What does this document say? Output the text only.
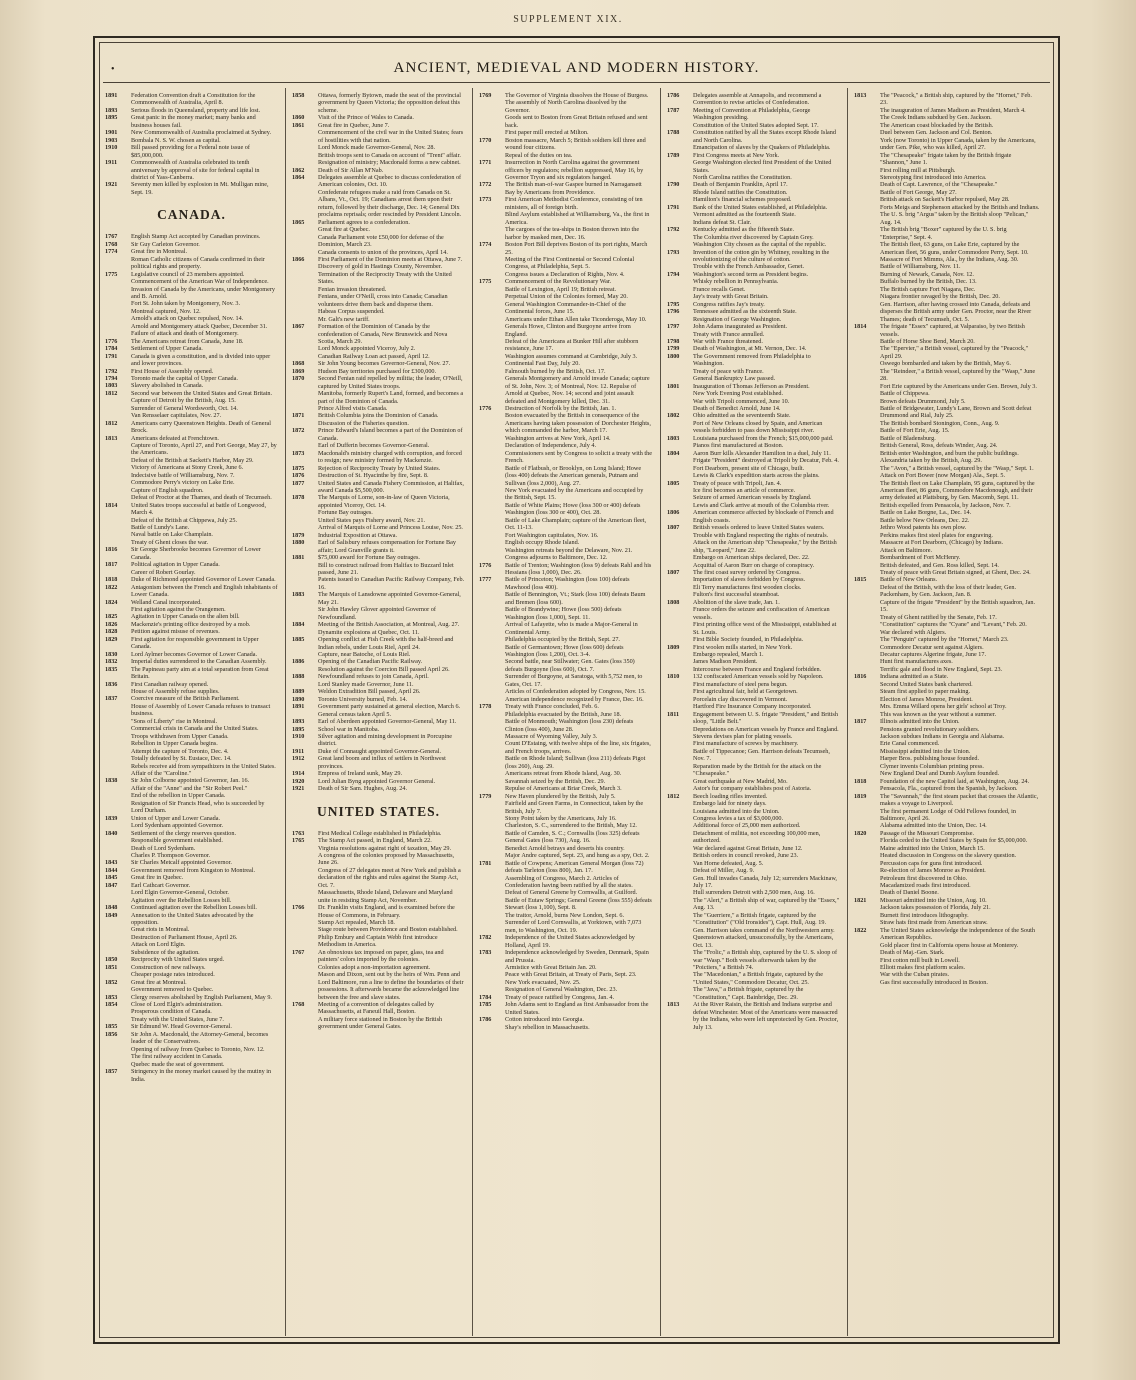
SUPPLEMENT XIX.
•	ANCIENT, MEDIEVAL AND MODERN HISTORY.
1891	Federation Convention draft a Constitution for the Commonwealth of Australia, April 8.
1893	Serious floods in Queensland, property and life lost.
1895	Great panic in the money market; many banks and business houses fail.
1901	New Commonwealth of Australia proclaimed at Sydney.
1903	Bombala N. S. W. chosen as capital.
1910	Bill passed providing for a Federal note issue of $85,000,000.
1911	Commonwealth of Australia celebrated its tenth anniversary by approval of site for federal capital in district of Yass-Canberra.
1921	Seventy men killed by explosion in Mt. Mulligan mine, Sept. 19.
CANADA.
1767	English Stamp Act accepted by Canadian provinces.
1768	Sir Guy Carleton Governor.
1774	Great fire in Montreal.
Roman Catholic citizens of Canada confirmed in their political rights and property.
1775	Legislative council of 23 members appointed.
Commencement of the American War of Independence.
Invasion of Canada by the Americans, under Montgomery and B. Arnold.
Fort St. John taken by Montgomery, Nov. 3.
Montreal captured, Nov. 12.
Arnold's attack on Quebec repulsed, Nov. 14.
Arnold and Montgomery attack Quebec, December 31.
Failure of attack and death of Montgomery.
1776	The Americans retreat from Canada, June 18.
1784	Settlement of Upper Canada.
1791	Canada is given a constitution, and is divided into upper and lower provinces.
1792	First House of Assembly opened.
1794	Toronto made the capital of Upper Canada.
1803	Slavery abolished in Canada.
1812	Second war between the United States and Great Britain.
Capture of Detroit by the British, Aug. 15.
Surrender of General Wordsworth, Oct. 14.
Van Rensselaer capitulates, Nov. 27.
1812	Americans carry Queenstown Heights. Death of General Brock.
1813	Americans defeated at Frenchtown.
Capture of Toronto, April 27, and Fort George, May 27, by the Americans.
Defeat of the British at Sackett's Harbor, May 29.
Victory of Americans at Stony Creek, June 6.
Indecisive battle of Williamsburg, Nov. 7.
Commodore Perry's victory on Lake Erie.
Capture of English squadron.
Defeat of Proctor at the Thames, and death of Tecumseh.
1814	United States troops successful at battle of Longwood, March 4.
Defeat of the British at Chippewa, July 25.
Battle of Lundy's Lane.
Naval battle on Lake Champlain.
Treaty of Ghent closes the war.
1816	Sir George Sherbrooke becomes Governor of Lower Canada.
1817	Political agitation in Upper Canada.
Career of Robert Gourlay.
1818	Duke of Richmond appointed Governor of Lower Canada.
1822	Antagonism between the French and English inhabitants of Lower Canada.
1824	Welland Canal incorporated.
First agitation against the Orangemen.
1825	Agitation in Upper Canada on the alien bill.
1826	Mackenzie's printing office destroyed by a mob.
1828	Petition against misuse of revenues.
1829	First agitation for responsible government in Upper Canada.
1830	Lord Aylmer becomes Governor of Lower Canada.
1832	Imperial duties surrendered to the Canadian Assembly.
1835	The Papineau party aim at a total separation from Great Britain.
1836	First Canadian railway opened.
House of Assembly refuse supplies.
1837	Coercive measure of the British Parliament.
House of Assembly of Lower Canada refuses to transact business.
"Sons of Liberty" rise in Montreal.
Commercial crisis in Canada and the United States.
Troops withdrawn from Upper Canada.
Rebellion in Upper Canada begins.
Attempt the capture of Toronto, Dec. 4.
Totally defeated by St. Eustace, Dec. 14.
Rebels receive aid from sympathizers in the United States.
Affair of the "Caroline."
1838	Sir John Colborne appointed Governor, Jan. 16.
Affair of the "Anne" and the "Sir Robert Peel."
End of the rebellion in Upper Canada.
Resignation of Sir Francis Head, who is succeeded by Lord Durham.
1839	Union of Upper and Lower Canada.
Lord Sydenham appointed Governor.
1840	Settlement of the clergy reserves question.
Responsible government established.
Death of Lord Sydenham.
Charles P. Thompson Governor.
1843	Sir Charles Metcalf appointed Governor.
1844	Government removed from Kingston to Montreal.
1845	Great fire in Quebec.
1847	Earl Cathcart Governor.
Lord Elgin Governor-General, October.
Agitation over the Rebellion Losses bill.
1848	Continued agitation over the Rebellion Losses bill.
1849	Annexation to the United States advocated by the opposition.
Great riots in Montreal.
Destruction of Parliament House, April 26.
Attack on Lord Elgin.
Subsidence of the agitation.
1850	Reciprocity with United States urged.
1851	Construction of new railways.
Cheaper postage rates introduced.
1852	Great fire at Montreal.
Government removed to Quebec.
1853	Clergy reserves abolished by English Parliament, May 9.
1854	Close of Lord Elgin's administration.
Prosperous condition of Canada.
Treaty with the United States, June 7.
1855	Sir Edmund W. Head Governor-General.
1856	Sir John A. Macdonald, the Attorney-General, becomes leader of the Conservatives.
Opening of railway from Quebec to Toronto, Nov. 12.
The first railway accident in Canada.
Quebec made the seat of government.
1857	Stringency in the money market caused by the mutiny in India.
1858	Ottawa, formerly Bytown, made the seat of the provincial government by Queen Victoria; the opposition defeat this scheme.
1860	Visit of the Prince of Wales to Canada.
1861	Great fire in Quebec, June 7.
Commencement of the civil war in the United States; fears of hostilities with that nation.
Lord Monck made Governor-General, Nov. 28.
British troops sent to Canada on account of "Trent" affair.
Resignation of ministry; Macdonald forms a new cabinet.
1862	Death of Sir Allan M'Nab.
1864	Delegates assemble at Quebec to discuss confederation of American colonies, Oct. 10.
Confederate refugees make a raid from Canada on St. Albans, Vt., Oct. 19; Canadians arrest them upon their return, followed by their discharge, Dec. 14; General Dix proclaims reprisals; order rescinded by President Lincoln.
1865	Parliament agrees to a confederation.
Great fire at Quebec.
Canada Parliament vote £50,000 for defense of the Dominion, March 23.
Canada consents to union of the provinces, April 14.
1866	First Parliament of the Dominion meets at Ottawa, June 7.
Discovery of gold in Hastings County, November.
Termination of the Reciprocity Treaty with the United States.
Fenian invasion threatened.
Fenians, under O'Neill, cross into Canada; Canadian volunteers drive them back and disperse them.
Habeas Corpus suspended.
Mr. Galt's new tariff.
1867	Formation of the Dominion of Canada by the confederation of Canada, New Brunswick and Nova Scotia, March 29.
Lord Monck appointed Viceroy, July 2.
Canadian Railway Loan act passed, April 12.
1868	Sir John Young becomes Governor-General, Nov. 27.
1869	Hudson Bay territories purchased for £300,000.
1870	Second Fenian raid repelled by militia; the leader, O'Neill, captured by United States troops.
Manitoba, formerly Rupert's Land, formed, and becomes a part of the Dominion of Canada.
Prince Alfred visits Canada.
1871	British Columbia joins the Dominion of Canada.
Discussion of the Fisheries question.
1872	Prince Edward's Island becomes a part of the Dominion of Canada.
Earl of Dufferin becomes Governor-General.
1873	Macdonald's ministry charged with corruption, and forced to resign; new ministry formed by Mackenzie.
1875	Rejection of Reciprocity Treaty by United States.
1876	Destruction of St. Hyacinthe by fire, Sept. 8.
1877	United States and Canada Fishery Commission, at Halifax, award Canada $5,500,000.
1878	The Marquis of Lorne, son-in-law of Queen Victoria, appointed Viceroy, Oct. 14.
Fortune Bay outrages.
United States pays Fishery award, Nov. 21.
Arrival of Marquis of Lorne and Princess Louise, Nov. 25.
1879	Industrial Exposition at Ottawa.
1880	Earl of Salisbury refuses compensation for Fortune Bay affair; Lord Granville grants it.
1881	$75,000 award for Fortune Bay outrages.
Bill to construct railroad from Halifax to Buzzard Inlet passed, June 21.
Patents issued to Canadian Pacific Railway Company, Feb. 16.
1883	The Marquis of Lansdowne appointed Governor-General, May 21.
Sir John Hawley Glover appointed Governor of Newfoundland.
1884	Meeting of the British Association, at Montreal, Aug. 27.
Dynamite explosions at Quebec, Oct. 11.
1885	Opening conflict at Fish Creek with the half-breed and Indian rebels, under Louis Riel, April 24.
Capture, near Batoche, of Louis Riel.
1886	Opening of the Canadian Pacific Railway.
Resolution against the Coercion Bill passed April 26.
1888	Newfoundland refuses to join Canada, April.
Lord Stanley made Governor, June 11.
1889	Weldon Extradition Bill passed, April 26.
1890	Toronto University burned, Feb. 14.
1891	Government party sustained at general election, March 6.
General census taken April 5.
1893	Earl of Aberdeen appointed Governor-General, May 11.
1895	School war in Manitoba.
1910	Silver agitation and mining development in Porcupine district.
1911	Duke of Connaught appointed Governor-General.
1912	Great land boom and influx of settlers in Northwest provinces.
1914	Empress of Ireland sunk, May 29.
1920	Lord Julian Byng appointed Governor General.
1921	Death of Sir Sam. Hughes, Aug. 24.
UNITED STATES.
1763	First Medical College established in Philadelphia.
1765	The Stamp Act passed, in England, March 22.
Virginia resolutions against right of taxation, May 29.
A congress of the colonies proposed by Massachusetts, June 26.
Congress of 27 delegates meet at New York and publish a declaration of the rights and rules against the Stamp Act, Oct. 7.
Massachusetts, Rhode Island, Delaware and Maryland unite in resisting Stamp Act, November.
1766	Dr. Franklin visits England, and is examined before the House of Commons, in February.
Stamp Act repealed, March 18.
Stage route between Providence and Boston established.
Philip Embury and Captain Webb first introduce Methodism in America.
1767	An obnoxious tax imposed on paper, glass, tea and painters' colors imported by the colonies.
Colonies adopt a non-importation agreement.
Mason and Dixon, sent out by the heirs of Wm. Penn and Lord Baltimore, run a line to define the boundaries of their possessions. It afterwards became the acknowledged line between the free and slave states.
1768	Meeting of a convention of delegates called by Massachusetts, at Faneuil Hall, Boston.
A military force stationed in Boston by the British government under General Gates.
1769	The Governor of Virginia dissolves the House of Burgess.
The assembly of North Carolina dissolved by the Governor.
Goods sent to Boston from Great Britain refused and sent back.
First paper mill erected at Milton.
1770	Boston massacre, March 5; British soldiers kill three and wound four citizens.
Repeal of the duties on tea.
1771	Insurrection in North Carolina against the government officers by regulators; rebellion suppressed, May 16, by Governor Tryon and six regulators hanged.
1772	The British man-of-war Gaspee burned in Narragansett Bay by Americans from Providence.
1773	First American Methodist Conference, consisting of ten ministers, all of foreign birth.
Blind Asylum established at Williamsburg, Va., the first in America.
The cargoes of the tea-ships in Boston thrown into the harbor by masked men, Dec. 16.
1774	Boston Port Bill deprives Boston of its port rights, March 25.
Meeting of the First Continental or Second Colonial Congress, at Philadelphia, Sept. 5.
Congress issues a Declaration of Rights, Nov. 4.
1775	Commencement of the Revolutionary War.
Battle of Lexington, April 19; British retreat.
Perpetual Union of the Colonies formed, May 20.
General Washington Commander-in-Chief of the Continental forces, June 15.
Americans under Ethan Allen take Ticonderoga, May 10.
Generals Howe, Clinton and Burgoyne arrive from England.
Defeat of the Americans at Bunker Hill after stubborn resistance, June 17.
Washington assumes command at Cambridge, July 3.
Continental Fast Day, July 20.
Falmouth burned by the British, Oct. 17.
Generals Montgomery and Arnold invade Canada; capture of St. John, Nov. 3; of Montreal, Nov. 12. Repulse of Arnold at Quebec, Nov. 14; second and joint assault defeated and Montgomery killed, Dec. 31.
1776	Destruction of Norfolk by the British, Jan. 1.
Boston evacuated by the British in consequence of the Americans having taken possession of Dorchester Heights, which commanded the harbor, March 17.
Washington arrives at New York, April 14.
Declaration of Independence, July 4.
Commissioners sent by Congress to solicit a treaty with the French.
Battle of Flatbush, or Brooklyn, on Long Island; Howe (loss 400) defeats the American generals, Putnam and Sullivan (loss 2,000), Aug. 27.
New York evacuated by the Americans and occupied by the British, Sept. 15.
Battle of White Plains; Howe (loss 300 or 400) defeats Washington (loss 300 or 400), Oct. 28.
Battle of Lake Champlain; capture of the American fleet, Oct. 11-13.
Fort Washington capitulates, Nov. 16.
English occupy Rhode Island.
Washington retreats beyond the Delaware, Nov. 21.
Congress adjourns to Baltimore, Dec. 12.
1776	Battle of Trenton; Washington (loss 9) defeats Rahl and his Hessians (loss 1,000), Dec. 26.
1777	Battle of Princeton; Washington (loss 100) defeats Mawhood (loss 400).
Battle of Bennington, Vt.; Stark (loss 100) defeats Baum and Bremen (loss 600).
Battle of Brandywine; Howe (loss 500) defeats Washington (loss 1,000), Sept. 11.
Arrival of Lafayette, who is made a Major-General in Continental Army.
Philadelphia occupied by the British, Sept. 27.
Battle of Germantown; Howe (loss 600) defeats Washington (loss 1,200), Oct. 3-4.
Second battle, near Stillwater; Gen. Gates (loss 350) defeats Burgoyne (loss 600), Oct. 7.
Surrender of Burgoyne, at Saratoga, with 5,752 men, to Gates, Oct. 17.
Articles of Confederation adopted by Congress, Nov. 15.
American independence recognized by France, Dec. 16.
1778	Treaty with France concluded, Feb. 6.
Philadelphia evacuated by the British, June 18.
Battle of Monmouth; Washington (loss 230) defeats Clinton (loss 400), June 28.
Massacre of Wyoming Valley, July 3.
Count D'Estaing, with twelve ships of the line, six frigates, and French troops, arrives.
Battle on Rhode Island; Sullivan (loss 211) defeats Pigot (loss 260), Aug. 29.
Americans retreat from Rhode Island, Aug. 30.
Savannah seized by the British, Dec. 29.
Repulse of Americans at Briar Creek, March 3.
1779	New Haven plundered by the British, July 5.
Fairfield and Green Farms, in Connecticut, taken by the British, July 7.
Stony Point taken by the Americans, July 16.
Charleston, S. C., surrendered to the British, May 12.
Battle of Camden, S. C.; Cornwallis (loss 325) defeats General Gates (loss 730), Aug. 16.
Benedict Arnold betrays and deserts his country.
Major Andre captured, Sept. 23, and hung as a spy, Oct. 2.
1781	Battle of Cowpens; American General Morgan (loss 72) defeats Tarleton (loss 800), Jan. 17.
Assembling of Congress, March 2. Articles of Confederation having been ratified by all the states.
Defeat of General Greene by Cornwallis, at Guilford.
Battle of Eutaw Springs; General Greene (loss 555) defeats Stewart (loss 1,100), Sept. 8.
The traitor, Arnold, burns New London, Sept. 6.
Surrender of Lord Cornwallis, at Yorktown, with 7,073 men, to Washington, Oct. 19.
1782	Independence of the United States acknowledged by Holland, April 19.
1783	Independence acknowledged by Sweden, Denmark, Spain and Prussia.
Armistice with Great Britain Jan. 20.
Peace with Great Britain, at Treaty of Paris, Sept. 23.
New York evacuated, Nov. 25.
Resignation of General Washington, Dec. 23.
1784	Treaty of peace ratified by Congress, Jan. 4.
1785	John Adams sent to England as first Ambassador from the United States.
1786	Cotton introduced into Georgia.
Shay's rebellion in Massachusetts.
1786	Delegates assemble at Annapolis, and recommend a Convention to revise articles of Confederation.
1787	Meeting of Convention at Philadelphia, George Washington presiding.
Constitution of the United States adopted Sept. 17.
1788	Constitution ratified by all the States except Rhode Island and North Carolina.
Emancipation of slaves by the Quakers of Philadelphia.
1789	First Congress meets at New York.
George Washington elected first President of the United States.
North Carolina ratifies the Constitution.
1790	Death of Benjamin Franklin, April 17.
Rhode Island ratifies the Constitution.
Hamilton's financial schemes proposed.
1791	Bank of the United States established, at Philadelphia.
Vermont admitted as the fourteenth State.
Indians defeat St. Clair.
1792	Kentucky admitted as the fifteenth State.
The Columbia river discovered by Captain Grey.
Washington City chosen as the capital of the republic.
1793	Invention of the cotton gin by Whitney, resulting in the revolutionizing of the culture of cotton.
Trouble with the French Ambassador, Genet.
1794	Washington's second term as President begins.
Whisky rebellion in Pennsylvania.
France recalls Genet.
Jay's treaty with Great Britain.
1795	Congress ratifies Jay's treaty.
1796	Tennessee admitted as the sixteenth State.
Resignation of George Washington.
1797	John Adams inaugurated as President.
Treaty with France annulled.
1798	War with France threatened.
1799	Death of Washington, at Mt. Vernon, Dec. 14.
1800	The Government removed from Philadelphia to Washington.
Treaty of peace with France.
General Bankruptcy Law passed.
1801	Inauguration of Thomas Jefferson as President.
New York Evening Post established.
War with Tripoli commenced, June 10.
Death of Benedict Arnold, June 14.
1802	Ohio admitted as the seventeenth State.
Port of New Orleans closed by Spain, and American vessels forbidden to pass down Mississippi river.
1803	Louisiana purchased from the French; $15,000,000 paid.
Pianos first manufactured at Boston.
1804	Aaron Burr kills Alexander Hamilton in a duel, July 11.
Frigate "President" destroyed at Tripoli by Decatur, Feb. 4.
Fort Dearborn, present site of Chicago, built.
Lewis & Clark's expedition starts across the plains.
1805	Treaty of peace with Tripoli, Jan. 4.
Ice first becomes an article of commerce.
Seizure of armed American vessels by England.
Lewis and Clark arrive at mouth of the Columbia river.
1806	American commerce affected by blockade of French and English coasts.
1807	British vessels ordered to leave United States waters.
Trouble with England respecting the rights of neutrals.
Attack on the American ship "Chesapeake," by the British ship, "Leopard," June 22.
Embargo on American ships declared, Dec. 22.
Acquittal of Aaron Burr on charge of conspiracy.
1807	The first coast survey ordered by Congress.
Importation of slaves forbidden by Congress.
Eli Terry manufactures first wooden clocks.
Fulton's first successful steamboat.
1808	Abolition of the slave trade, Jan. 1.
France orders the seizure and confiscation of American vessels.
First printing office west of the Mississippi, established at St. Louis.
First Bible Society founded, in Philadelphia.
1809	First woolen mills started, in New York.
Embargo repealed, March 1.
James Madison President.
Intercourse between France and England forbidden.
1810	132 confiscated American vessels sold by Napoleon.
First manufacture of steel pens begun.
First agricultural fair, held at Georgetown.
Porcelain clay discovered in Vermont.
Hartford Fire Insurance Company incorporated.
1811	Engagement between U. S. frigate "President," and British sloop, "Little Belt."
Depredations on American vessels by France and England.
Stevens devises plan for plating vessels.
First manufacture of screws by machinery.
Battle of Tippecanoe; Gen. Harrison defeats Tecumseh, Nov. 7.
Reparation made by the British for the attack on the "Chesapeake."
Great earthquake at New Madrid, Mo.
Astor's fur company establishes post of Astoria.
1812	Beech loading rifles invented.
Embargo laid for ninety days.
Louisiana admitted into the Union.
Congress levies a tax of $3,000,000.
Additional force of 25,000 men authorized.
Detachment of militia, not exceeding 100,000 men, authorized.
War declared against Great Britain, June 12.
British orders in council revoked, June 23.
Van Horne defeated, Aug. 5.
Defeat of Miller, Aug. 9.
Gen. Hull invades Canada, July 12; surrenders Mackinaw, July 17.
Hull surrenders Detroit with 2,500 men, Aug. 16.
The "Alert," a British ship of war, captured by the "Essex," Aug. 13.
The "Guerriere," a British frigate, captured by the "Constitution" ("Old Ironsides"), Capt. Hull, Aug. 19.
Gen. Harrison takes command of the Northwestern army.
Queenstown attacked, unsuccessfully, by the Americans, Oct. 13.
The "Frolic," a British ship, captured by the U. S. sloop of war "Wasp." Both vessels afterwards taken by the "Poictiers," a British 74.
The "Macedonian," a British frigate, captured by the "United States," Commodore Decatur, Oct. 25.
The "Java," a British frigate, captured by the "Constitution," Capt. Bainbridge, Dec. 29.
1813	At the River Raisin, the British and Indians surprise and defeat Winchester. Most of the Americans were massacred by the Indians, who were left unprotected by Gen. Proctor, July 13.
1813	The "Peacock," a British ship, captured by the "Hornet," Feb. 23.
The inauguration of James Madison as President, March 4.
The Creek Indians subdued by Gen. Jackson.
The American coast blockaded by the British.
Duel between Gen. Jackson and Col. Benton.
York (now Toronto) in Upper Canada, taken by the Americans, under Gen. Pike, who was killed, April 27.
The "Chesapeake" frigate taken by the British frigate "Shannon," June 1.
First rolling mill at Pittsburgh.
Stereotyping first introduced into America.
Death of Capt. Lawrence, of the "Chesapeake."
Battle of Fort George, May 27.
British attack on Sackett's Harbor repulsed, May 28.
Forts Meigs and Stephenson attacked by the British and Indians.
The U. S. brig "Argus" taken by the British sloop "Pelican," Aug. 14.
The British brig "Boxer" captured by the U. S. brig "Enterprise," Sept. 4.
The British fleet, 63 guns, on Lake Erie, captured by the American fleet, 56 guns, under Commodore Perry, Sept. 10.
Massacre of Fort Mimms, Ala., by the Indians, Aug. 30.
Battle of Williamsburg, Nov. 11.
Burning of Newark, Canada, Nov. 12.
Buffalo burned by the British, Dec. 13.
The British capture Fort Niagara, Dec.
Niagara frontier ravaged by the British, Dec. 20.
Gen. Harrison, after having crossed into Canada, defeats and disperses the British army under Gen. Proctor, near the River Thames; death of Tecumseh, Oct. 5.
1814	The frigate "Essex" captured, at Valparaiso, by two British vessels.
Battle of Horse Shoe Bend, March 20.
The "Epervier," a British vessel, captured by the "Peacock," April 29.
Oswego bombarded and taken by the British, May 6.
The "Reindeer," a British vessel, captured by the "Wasp," June 28.
Fort Erie captured by the Americans under Gen. Brown, July 3.
Battle of Chippewa.
Brown defeats Drummond, July 5.
Battle of Bridgewater, Lundy's Lane, Brown and Scott defeat Drummond and Rial, July 25.
The British bombard Stonington, Conn., Aug. 9.
Battle of Fort Erie, Aug. 15.
Battle of Bladensburg.
British General, Ross, defeats Winder, Aug. 24.
British enter Washington, and burn the public buildings.
Alexandria taken by the British, Aug. 29.
The "Avon," a British vessel, captured by the "Wasp," Sept. 1.
Attack on Fort Bower (now Morgan) Ala., Sept. 5.
The British fleet on Lake Champlain, 95 guns, captured by the American fleet, 86 guns, Commodore Macdonough, and their army defeated at Plattsburg, by Gen. Macomb, Sept. 11.
British expelled from Pensacola, by Jackson, Nov. 7.
Battle on Lake Borgne, La., Dec. 14.
Battle below New Orleans, Dec. 22.
Jethro Wood patents his own plow.
Perkins makes first steel plates for engraving.
Massacre at Fort Dearborn, (Chicago) by Indians.
Attack on Baltimore.
Bombardment of Fort McHenry.
British defeated, and Gen. Ross killed, Sept. 14.
Treaty of peace with Great Britain signed, at Ghent, Dec. 24.
1815	Battle of New Orleans.
Defeat of the British, with the loss of their leader, Gen. Packenham, by Gen. Jackson, Jan. 8.
Capture of the frigate "President" by the British squadron, Jan. 15.
Treaty of Ghent ratified by the Senate, Feb. 17.
"Constitution" captures the "Cyane" and "Levant," Feb. 20.
War declared with Algiers.
The "Penguin" captured by the "Hornet," March 23.
Commodore Decatur sent against Algiers.
Decatur captures Algerine frigate, June 17.
Hunt first manufactures axes.
Terrific gale and flood in New England, Sept. 23.
1816	Indiana admitted as a State.
Second United States bank chartered.
Steam first applied to paper making.
Election of James Monroe, President.
Mrs. Emma Willard opens her girls' school at Troy.
This was known as the year without a summer.
1817	Illinois admitted into the Union.
Pensions granted revolutionary soldiers.
Jackson subdues Indians in Georgia and Alabama.
Erie Canal commenced.
Mississippi admitted into the Union.
Harper Bros. publishing house founded.
Clymer invents Columbian printing press.
New England Deaf and Dumb Asylum founded.
1818	Foundation of the new Capitol laid, at Washington, Aug. 24.
Pensacola, Fla., captured from the Spanish, by Jackson.
1819	The "Savannah," the first steam packet that crosses the Atlantic, makes a voyage to Liverpool.
The first permanent Lodge of Odd Fellows founded, in Baltimore, April 26.
Alabama admitted into the Union, Dec. 14.
1820	Passage of the Missouri Compromise.
Florida ceded to the United States by Spain for $5,000,000.
Maine admitted into the Union, March 15.
Heated discussion in Congress on the slavery question.
Percussion caps for guns first introduced.
Re-election of James Monroe as President.
Petroleum first discovered in Ohio.
Macadamized roads first introduced.
Death of Daniel Boone.
1821	Missouri admitted into the Union, Aug. 10.
Jackson takes possession of Florida, July 21.
Burnett first introduces lithography.
Straw hats first made from American straw.
1822	The United States acknowledge the independence of the South American Republics.
Gold placer first in California opens house at Monterey.
Death of Maj.-Gen. Stark.
First cotton mill built in Lowell.
Elliott makes first platform scales.
War with the Cuban pirates.
Gas first successfully introduced in Boston.
